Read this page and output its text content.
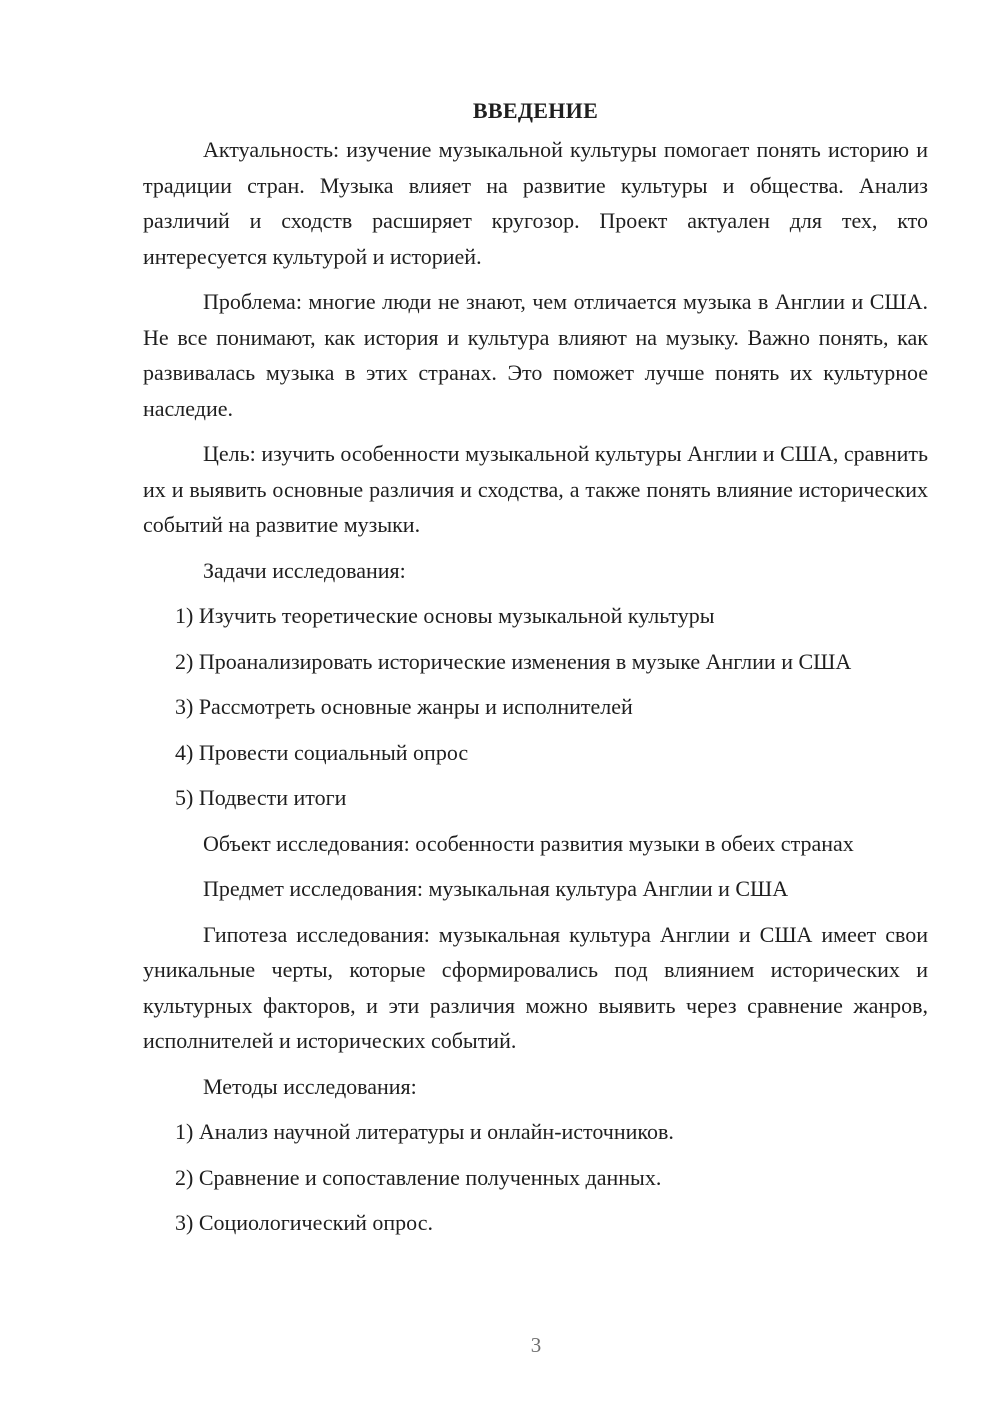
ВВЕДЕНИЕ

Актуальность: изучение музыкальной культуры помогает понять историю и традиции стран. Музыка влияет на развитие культуры и общества. Анализ различий и сходств расширяет кругозор. Проект актуален для тех, кто интересуется культурой и историей.

Проблема: многие люди не знают, чем отличается музыка в Англии и США. Не все понимают, как история и культура влияют на музыку. Важно понять, как развивалась музыка в этих странах. Это поможет лучше понять их культурное наследие.

Цель: изучить особенности музыкальной культуры Англии и США, сравнить их и выявить основные различия и сходства, а также понять влияние исторических событий на развитие музыки.

Задачи исследования:

1) Изучить теоретические основы музыкальной культуры

2) Проанализировать исторические изменения в музыке Англии и США

3) Рассмотреть основные жанры и исполнителей

4) Провести социальный опрос

5) Подвести итоги

Объект исследования: особенности развития музыки в обеих странах

Предмет исследования: музыкальная культура Англии и США

Гипотеза исследования: музыкальная культура Англии и США имеет свои уникальные черты, которые сформировались под влиянием исторических и культурных факторов, и эти различия можно выявить через сравнение жанров, исполнителей и исторических событий.

Методы исследования:

1) Анализ научной литературы и онлайн-источников.

2) Сравнение и сопоставление полученных данных.

3) Социологический опрос.

3
